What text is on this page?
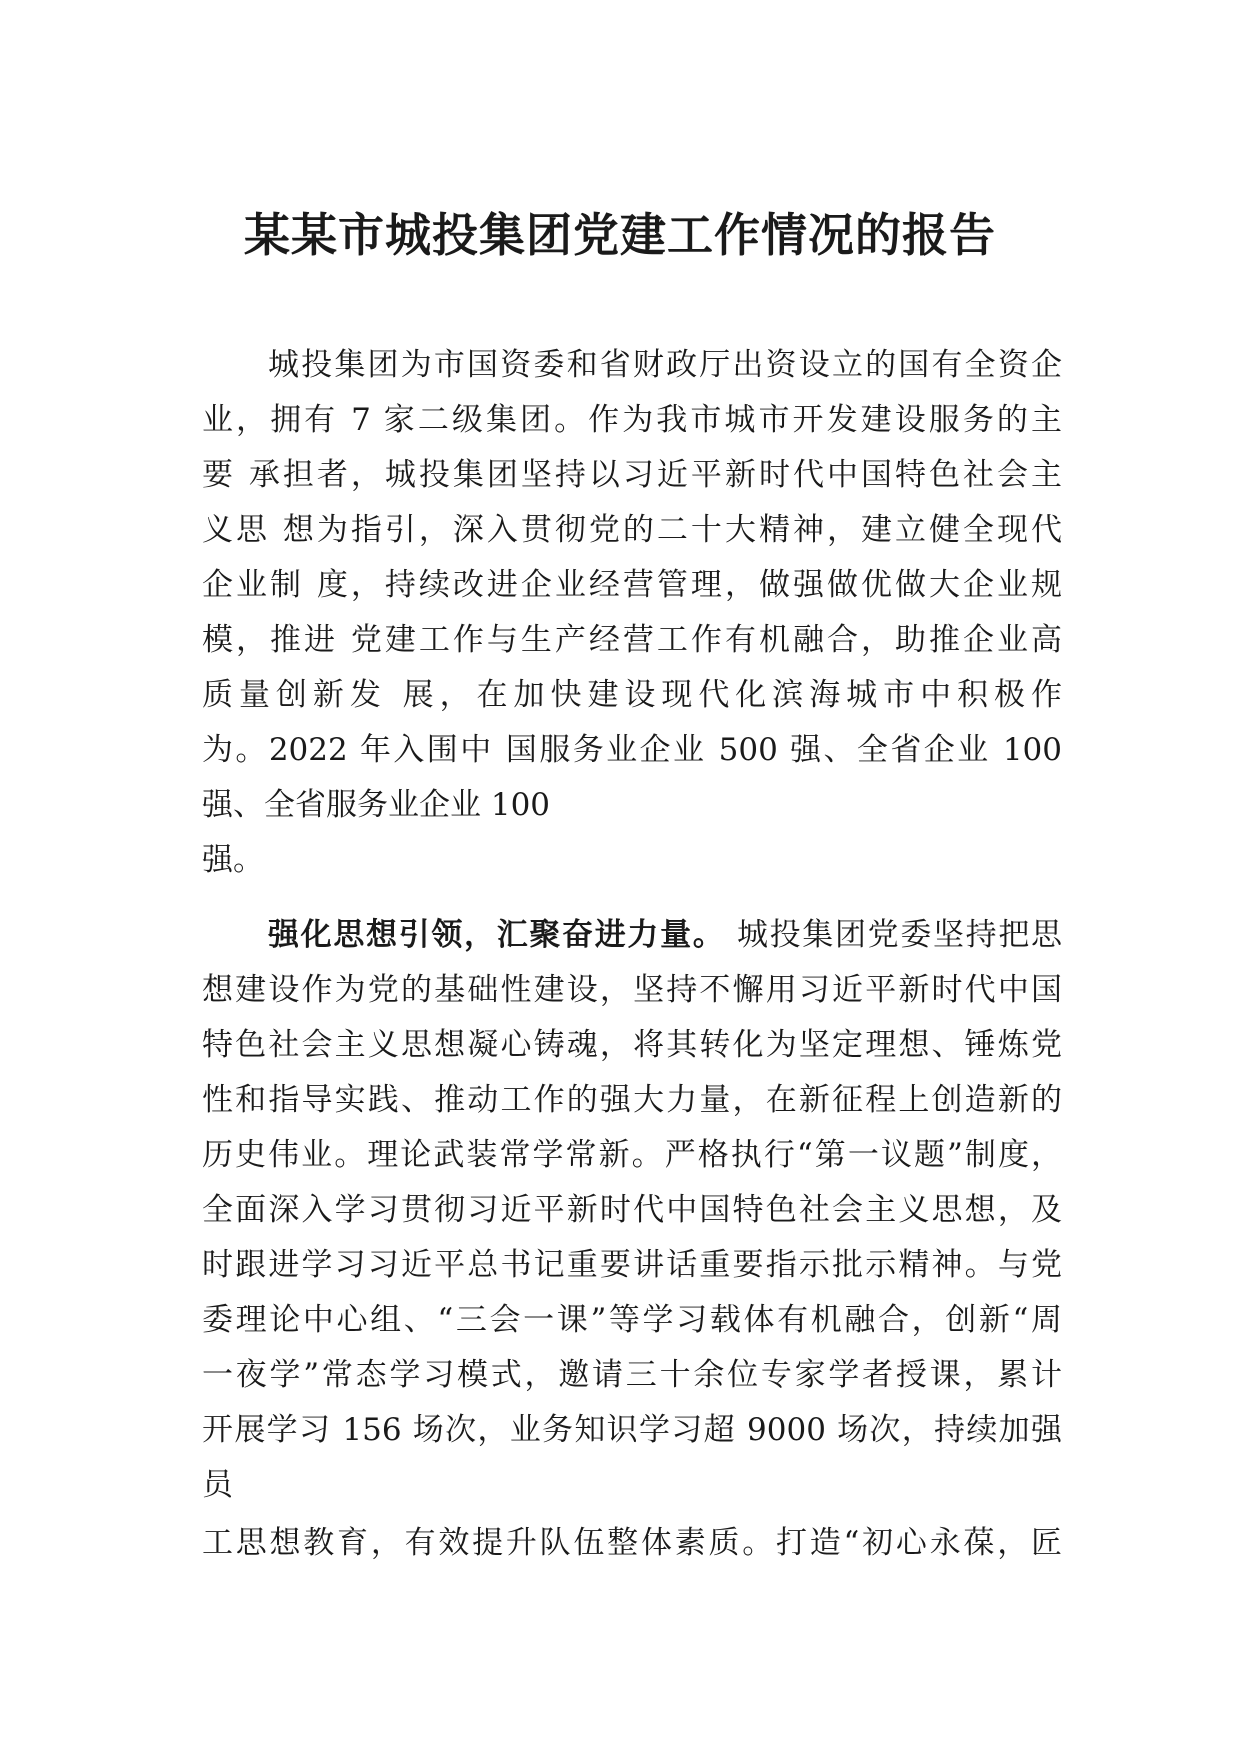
某某市城投集团党建工作情况的报告
城投集团为市国资委和省财政厅出资设立的国有全资企
业，拥有 7 家二级集团。作为我市城市开发建设服务的主
要 承担者，城投集团坚持以习近平新时代中国特色社会主
义思 想为指引，深入贯彻党的二十大精神，建立健全现代
企业制 度，持续改进企业经营管理，做强做优做大企业规
模，推进 党建工作与生产经营工作有机融合，助推企业高
质量创新发 展，在加快建设现代化滨海城市中积极作
为。2022 年入围中 国服务业企业 500 强、全省企业 100
强、全省服务业企业 100
强。
强化思想引领，汇聚奋进力量。 城投集团党委坚持把思
想建设作为党的基础性建设，坚持不懈用习近平新时代中国
特色社会主义思想凝心铸魂，将其转化为坚定理想、锤炼党
性和指导实践、推动工作的强大力量，在新征程上创造新的
历史伟业。理论武装常学常新。严格执行“第一议题”制度，
全面深入学习贯彻习近平新时代中国特色社会主义思想，及
时跟进学习习近平总书记重要讲话重要指示批示精神。与党
委理论中心组、“三会一课”等学习载体有机融合，创新“周
一夜学”常态学习模式，邀请三十余位专家学者授课，累计
开展学习 156 场次，业务知识学习超 9000 场次，持续加强
员
工思想教育，有效提升队伍整体素质。打造“初心永葆，匠
